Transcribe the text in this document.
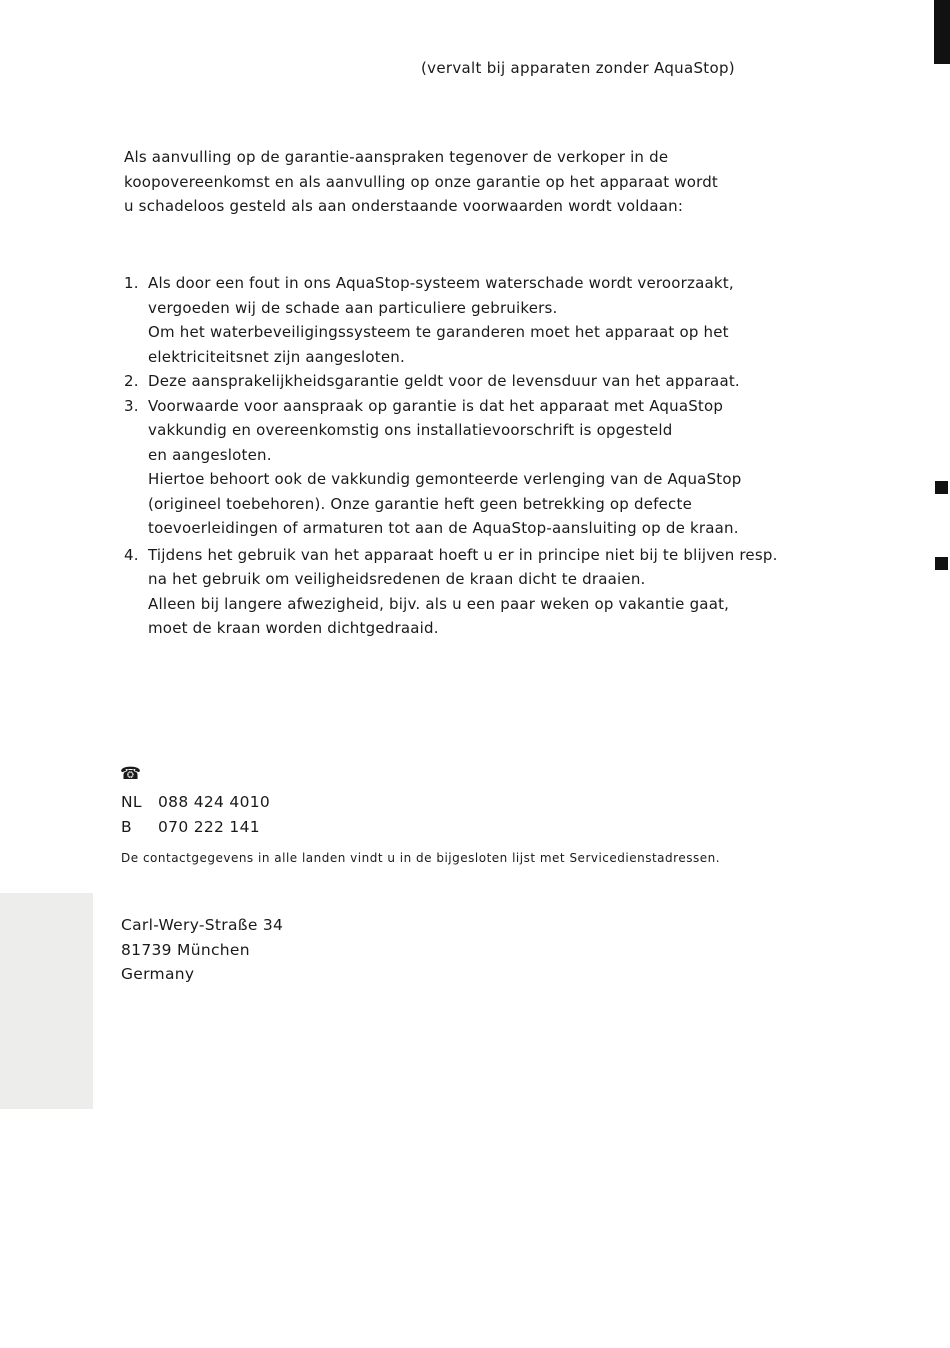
(vervalt bij apparaten zonder AquaStop)
Als aanvulling op de garantie-aanspraken tegenover de verkoper in de
koopovereenkomst en als aanvulling op onze garantie op het apparaat wordt
u schadeloos gesteld als aan onderstaande voorwaarden wordt voldaan:
1. Als door een fout in ons AquaStop-systeem waterschade wordt veroorzaakt,
vergoeden wij de schade aan particuliere gebruikers.
Om het waterbeveiligingssysteem te garanderen moet het apparaat op het
elektriciteitsnet zijn aangesloten.
2. Deze aansprakelijkheidsgarantie geldt voor de levensduur van het apparaat.
3. Voorwaarde voor aanspraak op garantie is dat het apparaat met AquaStop
vakkundig en overeenkomstig ons installatievoorschrift is opgesteld
en aangesloten.
Hiertoe behoort ook de vakkundig gemonteerde verlenging van de AquaStop
(origineel toebehoren). Onze garantie heft geen betrekking op defecte
toevoerleidingen of armaturen tot aan de AquaStop-aansluiting op de kraan.
4. Tijdens het gebruik van het apparaat hoeft u er in principe niet bij te blijven resp.
na het gebruik om veiligheidsredenen de kraan dicht te draaien.
Alleen bij langere afwezigheid, bijv. als u een paar weken op vakantie gaat,
moet de kraan worden dichtgedraaid.
☎
NL 088 424 4010
B 070 222 141
De contactgegevens in alle landen vindt u in de bijgesloten lijst met Servicedienstadressen.
Carl-Wery-Straße 34
81739 München
Germany
